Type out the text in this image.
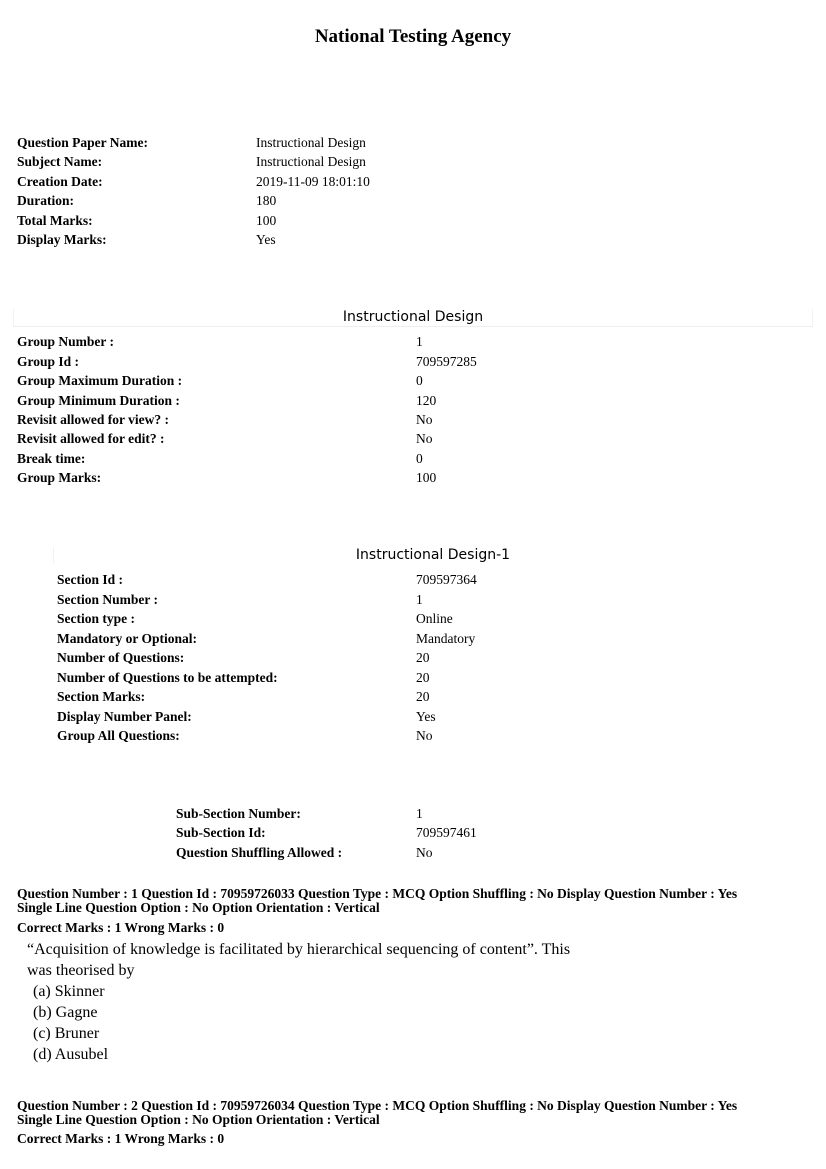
National Testing Agency
Question Paper Name:	Instructional Design
Subject Name:	Instructional Design
Creation Date:	2019-11-09 18:01:10
Duration:	180
Total Marks:	100
Display Marks:	Yes
Instructional Design
Group Number :	1
Group Id :	709597285
Group Maximum Duration :	0
Group Minimum Duration :	120
Revisit allowed for view? :	No
Revisit allowed for edit? :	No
Break time:	0
Group Marks:	100
Instructional Design-1
Section Id :	709597364
Section Number :	1
Section type :	Online
Mandatory or Optional:	Mandatory
Number of Questions:	20
Number of Questions to be attempted:	20
Section Marks:	20
Display Number Panel:	Yes
Group All Questions:	No
Sub-Section Number:	1
Sub-Section Id:	709597461
Question Shuffling Allowed :	No
Question Number : 1 Question Id : 70959726033 Question Type : MCQ Option Shuffling : No Display Question Number : Yes
Single Line Question Option : No Option Orientation : Vertical
Correct Marks : 1 Wrong Marks : 0
“Acquisition of knowledge is facilitated by hierarchical sequencing of content”. This
was theorised by
(a) Skinner
(b) Gagne
(c) Bruner
(d) Ausubel
Question Number : 2 Question Id : 70959726034 Question Type : MCQ Option Shuffling : No Display Question Number : Yes
Single Line Question Option : No Option Orientation : Vertical
Correct Marks : 1 Wrong Marks : 0
